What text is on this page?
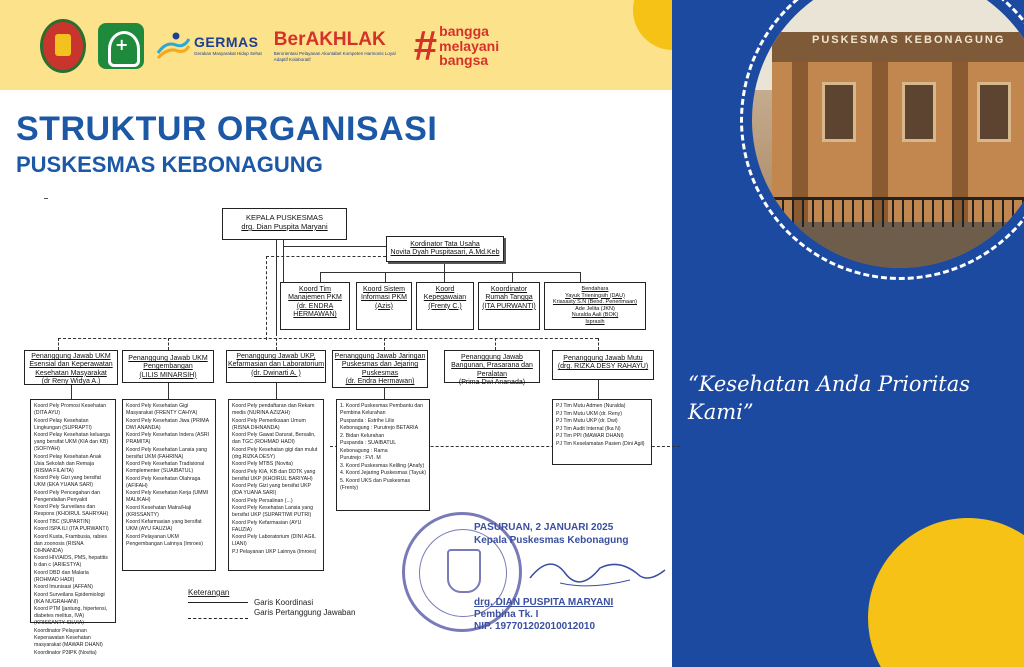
+
GERMAS
Gerakan Masyarakat Hidup Sehat
BerAKHLAK
Berorientasi Pelayanan Akuntabel Kompeten Harmonis Loyal Adaptif Kolaboratif	# bangga
melayani
bangsa
STRUKTUR ORGANISASI
PUSKESMAS KEBONAGUNG
PUSKESMAS KEBONAGUNG
“Kesehatan Anda Prioritas Kami”
KEPALA PUSKESMAS
drg. Dian Puspita Maryani
Kordinator Tata Usaha
Novita Dyah Puspitasari, A.Md.Keb
Koord Tim Manajemen PKM
(dr. ENDRA HERMAWAN)
Koord Sistem Informasi PKM
(Azis)
Koord Kepegawaian
(Frenty C.)
Koordinator Rumah Tangga
(ITA PURWANTI)
Bendahara
Yayuk Trieningsih (DAU)
Kriasasty S.N (Bend. Penerimaan)
Ade Jelita (JKN)
Nuralda Aali (BOK)
Isprasih
Penanggung Jawab UKM Esensial dan Keperawatan Kesehatan Masyarakat
(dr Reny Widya A.)
Penanggung Jawab UKM Pengembangan
(LILIS MINARSIH)
Penanggung Jawab UKP, Kefarmasian dan Laboratorium
(dr. Dwinarti A. )
Penanggung Jawab Jaringan Puskesmas dan Jejaring Puskesmas
(dr. Endra Hermawan)
Penanggung Jawab Bangunan, Prasarana dan Peralatan
(Prima Dwi Ananada)
Penanggung Jawab Mutu
(drg. RIZKA DESY RAHAYU)
Koord Pely Promosi Kesehatan (DITA AYU)
Koord Pelay Kesehatan Lingkungan (SUPRAPTI)
Koord Pelay Kesehatan keluarga yang bersifat UKM (KIA dan KB) (SOFIYAH)
Koord Pelay Kesehatan Anak Usia Sekolah dan Remaja (RISMA FILAITA)
Koord Pely Gizi yang bersifat UKM (EKA YUANA SARI)
Koord Pely Pencegahan dan Pengendalian Penyakit
Koord Pely Surveilans dan Respons (KHOIRUL SAHRYAH)
Koord TBC (SUPARTIN)
Koord ISPA ILI (ITA PURWANTI)
Koord Kusta, Frambusia, rabies dan zoonosis (RISNA DIHNANDA)
Koord HIV/AIDS, PMS, hepatitis b dan c (ARIESTYA)
Koord DBD dan Malaria (ROHMAD HADI)
Koord Imunisasi (AFFAN)
Koord Surveilans Epidemiologi (IKA NUGRAHANI)
Koord PTM (jantung, hipertensi, diabetes melitus, IVA) (KRISSANTY SILVIA)
Koordinator Pelayanan Keperawatan Kesehatan masyarakat (MAWAR DHANI)
Koordinator P3IPK (Novita)
Koord Pely Kesehatan Gigi Masyarakat (FRENTY CAHYA)
Koord Pely Kesehatan Jiwa (PRIMA DWI ANANDA)
Koord Pely Kesehatan Indera (ASRI PRAMITA)
Koord Pely Kesehatan Lansia yang bersifat UKM (FAHRINA)
Koord Pely Kesehatan Tradisional Komplementer (SUAIBATUL)
Koord Pely Kesehatan Olahraga (AFIFAH)
Koord Pely Kesehatan Kerja (UMMI MALIKAH)
Koord Kesehatan Matra/Haji (KRISSANTY)
Koord Kefarmasian yang bersifat UKM (AYU FAUZIA)
Koord Pelayanan UKM Pengembangan Lainnya (Imroes)
Koord Pely pendaftaran dan Rekam medis (NURINA AZIZAH)
Koord Pely Pemeriksaan Umum (RISNA DIHNANDA)
Koord Pely Gawat Darurat, Bersalin, dan TGC (ROHMAD HADI)
Koord Pely Kesehatan gigi dan mulut (drg.RIZKA DESY)
Koord Pely MTBS (Novita)
Koord Pely KIA, KB dan DDTK yang bersifat UKP (KHOIRUL BARIYAH)
Koord Pely Gizi yang bersifat UKP (IDA YUANA SARI)
Koord Pely Persalinan (...)
Koord Pely Kesehatan Lansia yang bersifat UKP (SUPARTIWI PUTRI)
Koord Pely Kefarmasian (AYU FAUZIA)
Koord Pely Laboratorium (DINI AGIL LIANI)
PJ Pelayanan UKP Lainnya (Imroes)
1. Koord Puskesmas Pembantu dan Pembina Kelurahan
Puspanda : Estrihe Lilis
Kebonagung : Purutrejo BETARIA
2. Bidan Kelurahan
Puspanda : SUAIBATUL
Kebonagung : Rama
Purutrejo : FVI. M
3. Koord Puskesmas Keliling (Anafy)
4. Koord Jejaring Puskesmas (Tayuk)
5. Koord UKS dan Puskesmas (Frenty)
PJ Tim Mutu Admen (Nuralda)
PJ Tim Mutu UKM (dr. Reny)
PJ Tim Mutu UKP (dr. Dwi)
PJ Tim Audit Internal (Ika N)
PJ Tim PPI (MAWAR DHANI)
PJ Tim Keselamatan Pasien (Dini Agil)
Keterangan
Garis Koordinasi
Garis Pertanggung Jawaban
PASURUAN, 2 JANUARI 2025
Kepala Puskesmas Kebonagung
drg. DIAN PUSPITA MARYANI
Pembina Tk. I
NIP. 197701202010012010
